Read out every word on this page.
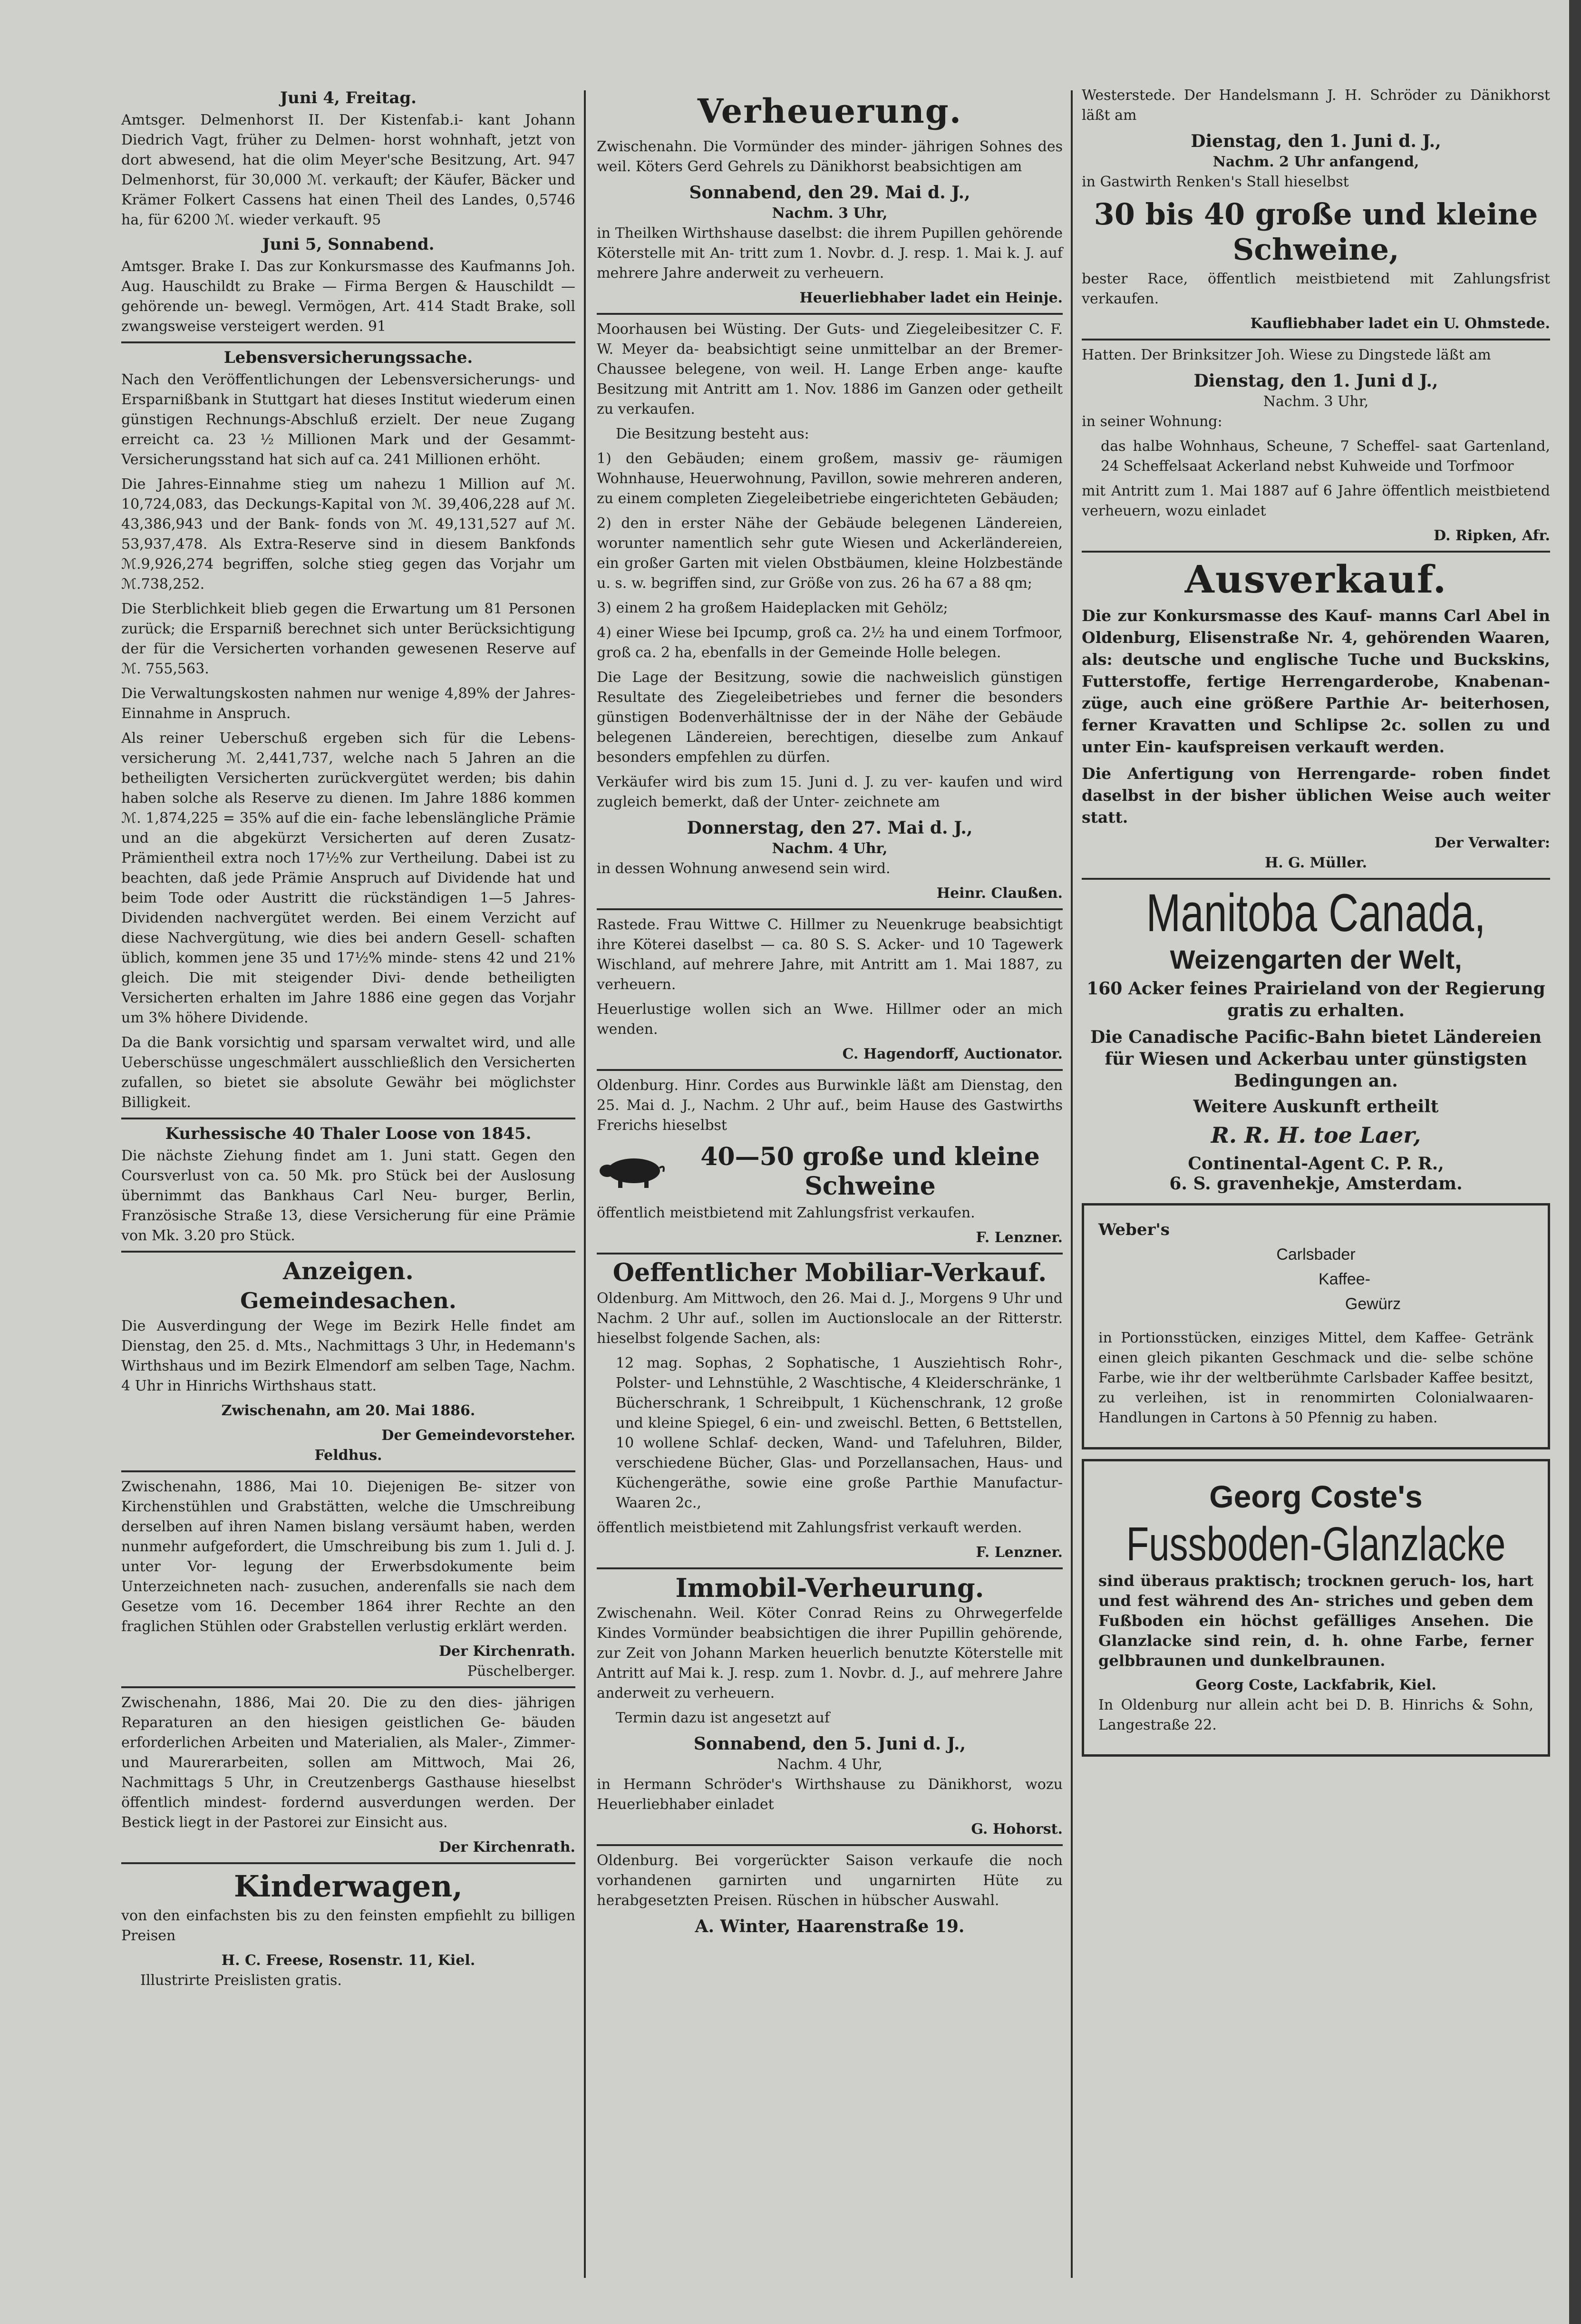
Juni 4, Freitag.

Amtsger. Delmenhorst II. Der Kistenfab.i- kant Johann Diedrich Vagt, früher zu Delmen- horst wohnhaft, jetzt von dort abwesend, hat die olim Meyer'sche Besitzung, Art. 947 Delmenhorst, für 30,000 ℳ. verkauft; der Käufer, Bäcker und Krämer Folkert Cassens hat einen Theil des Landes, 0,5746 ha, für 6200 ℳ. wieder verkauft. 95

Juni 5, Sonnabend.

Amtsger. Brake I. Das zur Konkursmasse des Kaufmanns Joh. Aug. Hauschildt zu Brake — Firma Bergen & Hauschildt — gehörende un- bewegl. Vermögen, Art. 414 Stadt Brake, soll zwangsweise versteigert werden. 91

Lebensversicherungssache.

Nach den Veröffentlichungen der Lebensversicherungs- und Ersparnißbank in Stuttgart hat dieses Institut wiederum einen günstigen Rechnungs-Abschluß erzielt. Der neue Zugang erreicht ca. 23 ½ Millionen Mark und der Gesammt-Versicherungsstand hat sich auf ca. 241 Millionen erhöht.

Die Jahres-Einnahme stieg um nahezu 1 Million auf ℳ. 10,724,083, das Deckungs-Kapital von ℳ. 39,406,228 auf ℳ. 43,386,943 und der Bank- fonds von ℳ. 49,131,527 auf ℳ. 53,937,478. Als Extra-Reserve sind in diesem Bankfonds ℳ.9,926,274 begriffen, solche stieg gegen das Vorjahr um ℳ.738,252.

Die Sterblichkeit blieb gegen die Erwartung um 81 Personen zurück; die Ersparniß berechnet sich unter Berücksichtigung der für die Versicherten vorhanden gewesenen Reserve auf ℳ. 755,563.

Die Verwaltungskosten nahmen nur wenige 4,89% der Jahres-Einnahme in Anspruch.

Als reiner Ueberschuß ergeben sich für die Lebens- versicherung ℳ. 2,441,737, welche nach 5 Jahren an die betheiligten Versicherten zurückvergütet werden; bis dahin haben solche als Reserve zu dienen. Im Jahre 1886 kommen ℳ. 1,874,225 = 35% auf die ein- fache lebenslängliche Prämie und an die abgekürzt Versicherten auf deren Zusatz-Prämientheil extra noch 17½% zur Vertheilung. Dabei ist zu beachten, daß jede Prämie Anspruch auf Dividende hat und beim Tode oder Austritt die rückständigen 1—5 Jahres- Dividenden nachvergütet werden. Bei einem Verzicht auf diese Nachvergütung, wie dies bei andern Gesell- schaften üblich, kommen jene 35 und 17½% minde- stens 42 und 21% gleich. Die mit steigender Divi- dende betheiligten Versicherten erhalten im Jahre 1886 eine gegen das Vorjahr um 3% höhere Dividende.

Da die Bank vorsichtig und sparsam verwaltet wird, und alle Ueberschüsse ungeschmälert ausschließlich den Versicherten zufallen, so bietet sie absolute Gewähr bei möglichster Billigkeit.

Kurhessische 40 Thaler Loose von 1845.

Die nächste Ziehung findet am 1. Juni statt. Gegen den Coursverlust von ca. 50 Mk. pro Stück bei der Auslosung übernimmt das Bankhaus Carl Neu- burger, Berlin, Französische Straße 13, diese Versicherung für eine Prämie von Mk. 3.20 pro Stück.

Anzeigen.
Gemeindesachen.

Die Ausverdingung der Wege im Bezirk Helle findet am Dienstag, den 25. d. Mts., Nachmittags 3 Uhr, in Hedemann's Wirthshaus und im Bezirk Elmendorf am selben Tage, Nachm. 4 Uhr in Hinrichs Wirthshaus statt.

Zwischenahn, am 20. Mai 1886.

Der Gemeindevorsteher.

Feldhus.

Zwischenahn, 1886, Mai 10. Diejenigen Be- sitzer von Kirchenstühlen und Grabstätten, welche die Umschreibung derselben auf ihren Namen bislang versäumt haben, werden nunmehr aufgefordert, die Umschreibung bis zum 1. Juli d. J. unter Vor- legung der Erwerbsdokumente beim Unterzeichneten nach- zusuchen, anderenfalls sie nach dem Gesetze vom 16. December 1864 ihrer Rechte an den fraglichen Stühlen oder Grabstellen verlustig erklärt werden.

Der Kirchenrath.

Püschelberger.

Zwischenahn, 1886, Mai 20. Die zu den dies- jährigen Reparaturen an den hiesigen geistlichen Ge- bäuden erforderlichen Arbeiten und Materialien, als Maler-, Zimmer- und Maurerarbeiten, sollen am Mittwoch, Mai 26, Nachmittags 5 Uhr, in Creutzenbergs Gasthause hieselbst öffentlich mindest- fordernd ausverdungen werden. Der Bestick liegt in der Pastorei zur Einsicht aus.

Der Kirchenrath.

Kinderwagen,

von den einfachsten bis zu den feinsten empfiehlt zu billigen Preisen

H. C. Freese, Rosenstr. 11, Kiel.

Illustrirte Preislisten gratis.

Verheuerung.

Zwischenahn. Die Vormünder des minder- jährigen Sohnes des weil. Köters Gerd Gehrels zu Dänikhorst beabsichtigen am

Sonnabend, den 29. Mai d. J.,

Nachm. 3 Uhr,

in Theilken Wirthshause daselbst: die ihrem Pupillen gehörende Köterstelle mit An- tritt zum 1. Novbr. d. J. resp. 1. Mai k. J. auf mehrere Jahre anderweit zu verheuern.

Heuerliebhaber ladet ein Heinje.

Moorhausen bei Wüsting. Der Guts- und Ziegeleibesitzer C. F. W. Meyer da- beabsichtigt seine unmittelbar an der Bremer-Chaussee belegene, von weil. H. Lange Erben ange- kaufte Besitzung mit Antritt am 1. Nov. 1886 im Ganzen oder getheilt zu verkaufen.

Die Besitzung besteht aus:

1) den Gebäuden; einem großem, massiv ge- räumigen Wohnhause, Heuerwohnung, Pavillon, sowie mehreren anderen, zu einem completen Ziegeleibetriebe eingerichteten Gebäuden;

2) den in erster Nähe der Gebäude belegenen Ländereien, worunter namentlich sehr gute Wiesen und Ackerländereien, ein großer Garten mit vielen Obstbäumen, kleine Holzbestände u. s. w. begriffen sind, zur Größe von zus. 26 ha 67 a 88 qm;

3) einem 2 ha großem Haideplacken mit Gehölz;

4) einer Wiese bei Ipcump, groß ca. 2½ ha und einem Torfmoor, groß ca. 2 ha, ebenfalls in der Gemeinde Holle belegen.

Die Lage der Besitzung, sowie die nachweislich günstigen Resultate des Ziegeleibetriebes und ferner die besonders günstigen Bodenverhältnisse der in der Nähe der Gebäude belegenen Ländereien, berechtigen, dieselbe zum Ankauf besonders empfehlen zu dürfen.

Verkäufer wird bis zum 15. Juni d. J. zu ver- kaufen und wird zugleich bemerkt, daß der Unter- zeichnete am

Donnerstag, den 27. Mai d. J.,

Nachm. 4 Uhr,

in dessen Wohnung anwesend sein wird.

Heinr. Claußen.

Rastede. Frau Wittwe C. Hillmer zu Neuenkruge beabsichtigt ihre Köterei daselbst — ca. 80 S. S. Acker- und 10 Tagewerk Wischland, auf mehrere Jahre, mit Antritt am 1. Mai 1887, zu verheuern.

Heuerlustige wollen sich an Wwe. Hillmer oder an mich wenden.

C. Hagendorff, Auctionator.

Oldenburg. Hinr. Cordes aus Burwinkle läßt am Dienstag, den 25. Mai d. J., Nachm. 2 Uhr auf., beim Hause des Gastwirths Frerichs hieselbst

40—50 große und kleine Schweine

öffentlich meistbietend mit Zahlungsfrist verkaufen.

F. Lenzner.

Oeffentlicher Mobiliar-Verkauf.

Oldenburg. Am Mittwoch, den 26. Mai d. J., Morgens 9 Uhr und Nachm. 2 Uhr auf., sollen im Auctionslocale an der Ritterstr. hieselbst folgende Sachen, als:

12 mag. Sophas, 2 Sophatische, 1 Ausziehtisch Rohr-, Polster- und Lehnstühle, 2 Waschtische, 4 Kleiderschränke, 1 Bücherschrank, 1 Schreibpult, 1 Küchenschrank, 12 große und kleine Spiegel, 6 ein- und zweischl. Betten, 6 Bettstellen, 10 wollene Schlaf- decken, Wand- und Tafeluhren, Bilder, verschiedene Bücher, Glas- und Porzellansachen, Haus- und Küchengeräthe, sowie eine große Parthie Manufactur- Waaren 2c.,

öffentlich meistbietend mit Zahlungsfrist verkauft werden.

F. Lenzner.

Immobil-Verheurung.

Zwischenahn. Weil. Köter Conrad Reins zu Ohrwegerfelde Kindes Vormünder beabsichtigen die ihrer Pupillin gehörende, zur Zeit von Johann Marken heuerlich benutzte Köterstelle mit Antritt auf Mai k. J. resp. zum 1. Novbr. d. J., auf mehrere Jahre anderweit zu verheuern.

Termin dazu ist angesetzt auf

Sonnabend, den 5. Juni d. J.,

Nachm. 4 Uhr,

in Hermann Schröder's Wirthshause zu Dänikhorst, wozu Heuerliebhaber einladet

G. Hohorst.

Oldenburg. Bei vorgerückter Saison verkaufe die noch vorhandenen garnirten und ungarnirten Hüte zu herabgesetzten Preisen. Rüschen in hübscher Auswahl.

A. Winter, Haarenstraße 19.

Westerstede. Der Handelsmann J. H. Schröder zu Dänikhorst läßt am

Dienstag, den 1. Juni d. J.,

Nachm. 2 Uhr anfangend,

in Gastwirth Renken's Stall hieselbst

30 bis 40 große und kleine Schweine,

bester Race, öffentlich meistbietend mit Zahlungsfrist verkaufen.

Kaufliebhaber ladet ein U. Ohmstede.

Hatten. Der Brinksitzer Joh. Wiese zu Dingstede läßt am

Dienstag, den 1. Juni d J.,

Nachm. 3 Uhr,

in seiner Wohnung:

das halbe Wohnhaus, Scheune, 7 Scheffel- saat Gartenland, 24 Scheffelsaat Ackerland nebst Kuhweide und Torfmoor

mit Antritt zum 1. Mai 1887 auf 6 Jahre öffentlich meistbietend verheuern, wozu einladet

D. Ripken, Afr.

Ausverkauf.

Die zur Konkursmasse des Kauf- manns Carl Abel in Oldenburg, Elisenstraße Nr. 4, gehörenden Waaren, als: deutsche und englische Tuche und Buckskins, Futterstoffe, fertige Herrengarderobe, Knabenan- züge, auch eine größere Parthie Ar- beiterhosen, ferner Kravatten und Schlipse 2c. sollen zu und unter Ein- kaufspreisen verkauft werden.

Die Anfertigung von Herrengarde- roben findet daselbst in der bisher üblichen Weise auch weiter statt.

Der Verwalter:

H. G. Müller.

Manitoba Canada,
Weizengarten der Welt,

160 Acker feines Prairieland von der Regierung gratis zu erhalten.

Die Canadische Pacific-Bahn bietet Ländereien für Wiesen und Ackerbau unter günstigsten Bedingungen an.

Weitere Auskunft ertheilt

R. R. H. toe Laer,

Continental-Agent C. P. R.,

6. S. gravenhekje, Amsterdam.

Weber's

Carlsbader

Kaffee-

Gewürz

in Portionsstücken, einziges Mittel, dem Kaffee- Getränk einen gleich pikanten Geschmack und die- selbe schöne Farbe, wie ihr der weltberühmte Carlsbader Kaffee besitzt, zu verleihen, ist in renommirten Colonialwaaren-Handlungen in Cartons à 50 Pfennig zu haben.

Georg Coste's
Fussboden-Glanzlacke

sind überaus praktisch; trocknen geruch- los, hart und fest während des An- striches und geben dem Fußboden ein höchst gefälliges Ansehen. Die Glanzlacke sind rein, d. h. ohne Farbe, ferner gelbbraunen und dunkelbraunen.

Georg Coste, Lackfabrik, Kiel.

In Oldenburg nur allein acht bei D. B. Hinrichs & Sohn, Langestraße 22.
